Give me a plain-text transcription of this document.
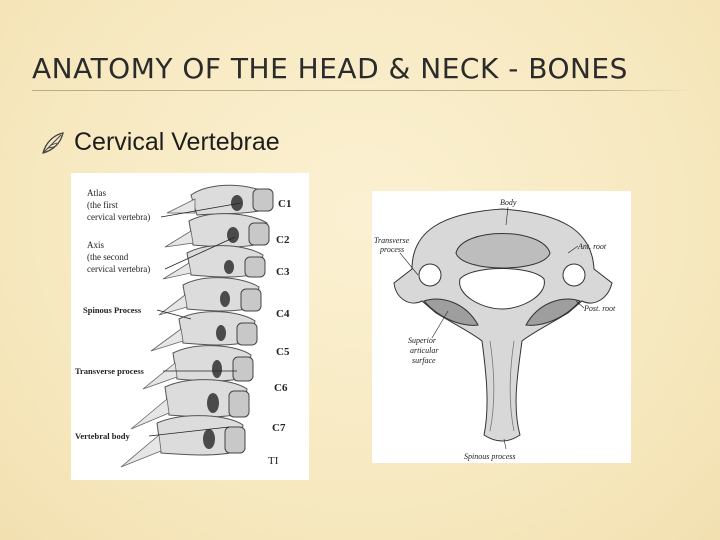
ANATOMY OF THE HEAD & NECK - BONES
Cervical Vertebrae
Atlas
(the first
cervical vertebra)
Axis
(the second
cervical vertebra)
Spinous Process
Transverse process
Vertebral body
C1
C2
C3
C4
C5
C6
C7
TI
Body
Transverse
process	Ant. root
Post. root
Superior
articular
surface
Spinous process
